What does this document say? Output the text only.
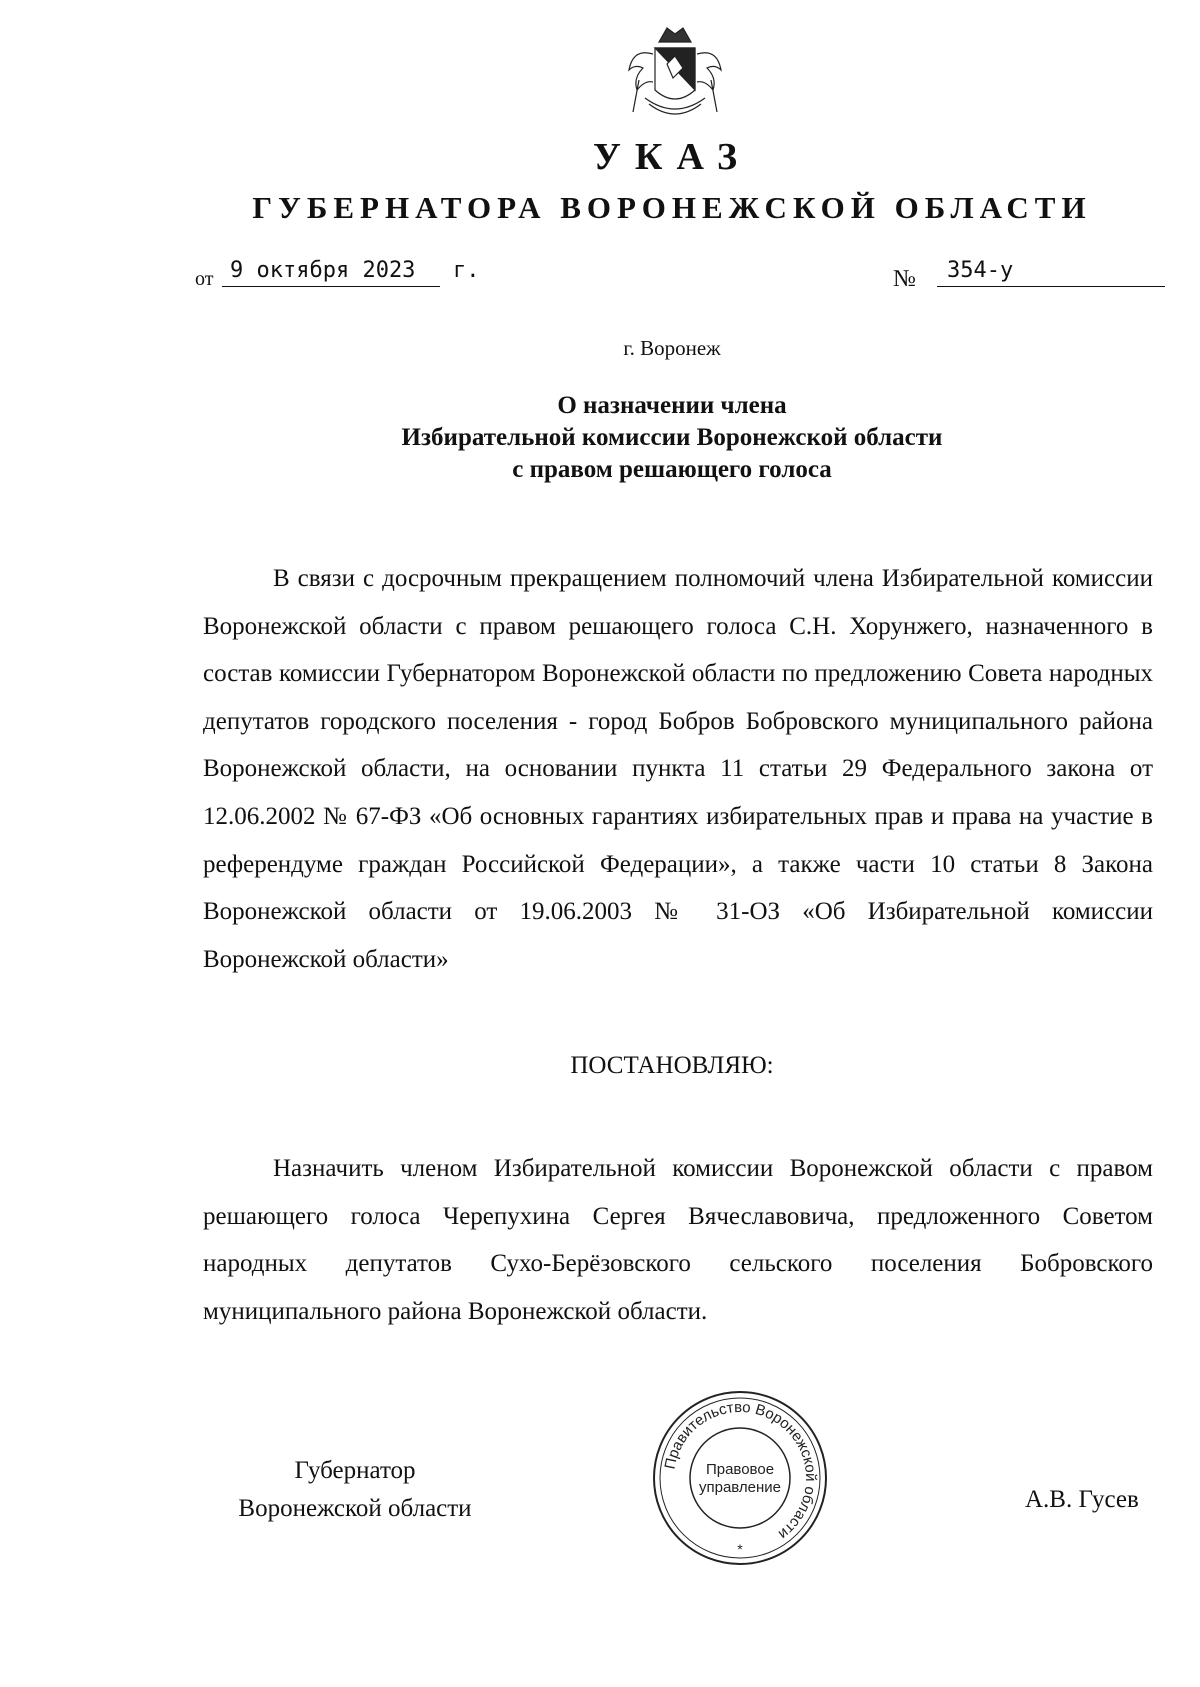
УКАЗ
ГУБЕРНАТОРА ВОРОНЕЖСКОЙ ОБЛАСТИ
от 9 октября 2023	г.	№	354-у
г. Воронеж
О назначении члена
Избирательной комиссии Воронежской области
с правом решающего голоса
В связи с досрочным прекращением полномочий члена Избирательной комиссии Воронежской области с правом решающего голоса С.Н. Хорунжего, назначенного в состав комиссии Губернатором Воронежской области по предложению Совета народных депутатов городского поселения - город Бобров Бобровского муниципального района Воронежской области, на основании пункта 11 статьи 29 Федерального закона от 12.06.2002 № 67-ФЗ «Об основных гарантиях избирательных прав и права на участие в референдуме граждан Российской Федерации», а также части 10 статьи 8 Закона Воронежской области от 19.06.2003 № 31-ОЗ «Об Избирательной комиссии Воронежской области»
ПОСТАНОВЛЯЮ:
Назначить членом Избирательной комиссии Воронежской области с правом решающего голоса Черепухина Сергея Вячеславовича, предложенного Советом народных депутатов Сухо-Берёзовского сельского поселения Бобровского муниципального района Воронежской области.
Губернатор
Воронежской области
Правительство Воронежской области
Правовое
управление
*
А.В. Гусев
